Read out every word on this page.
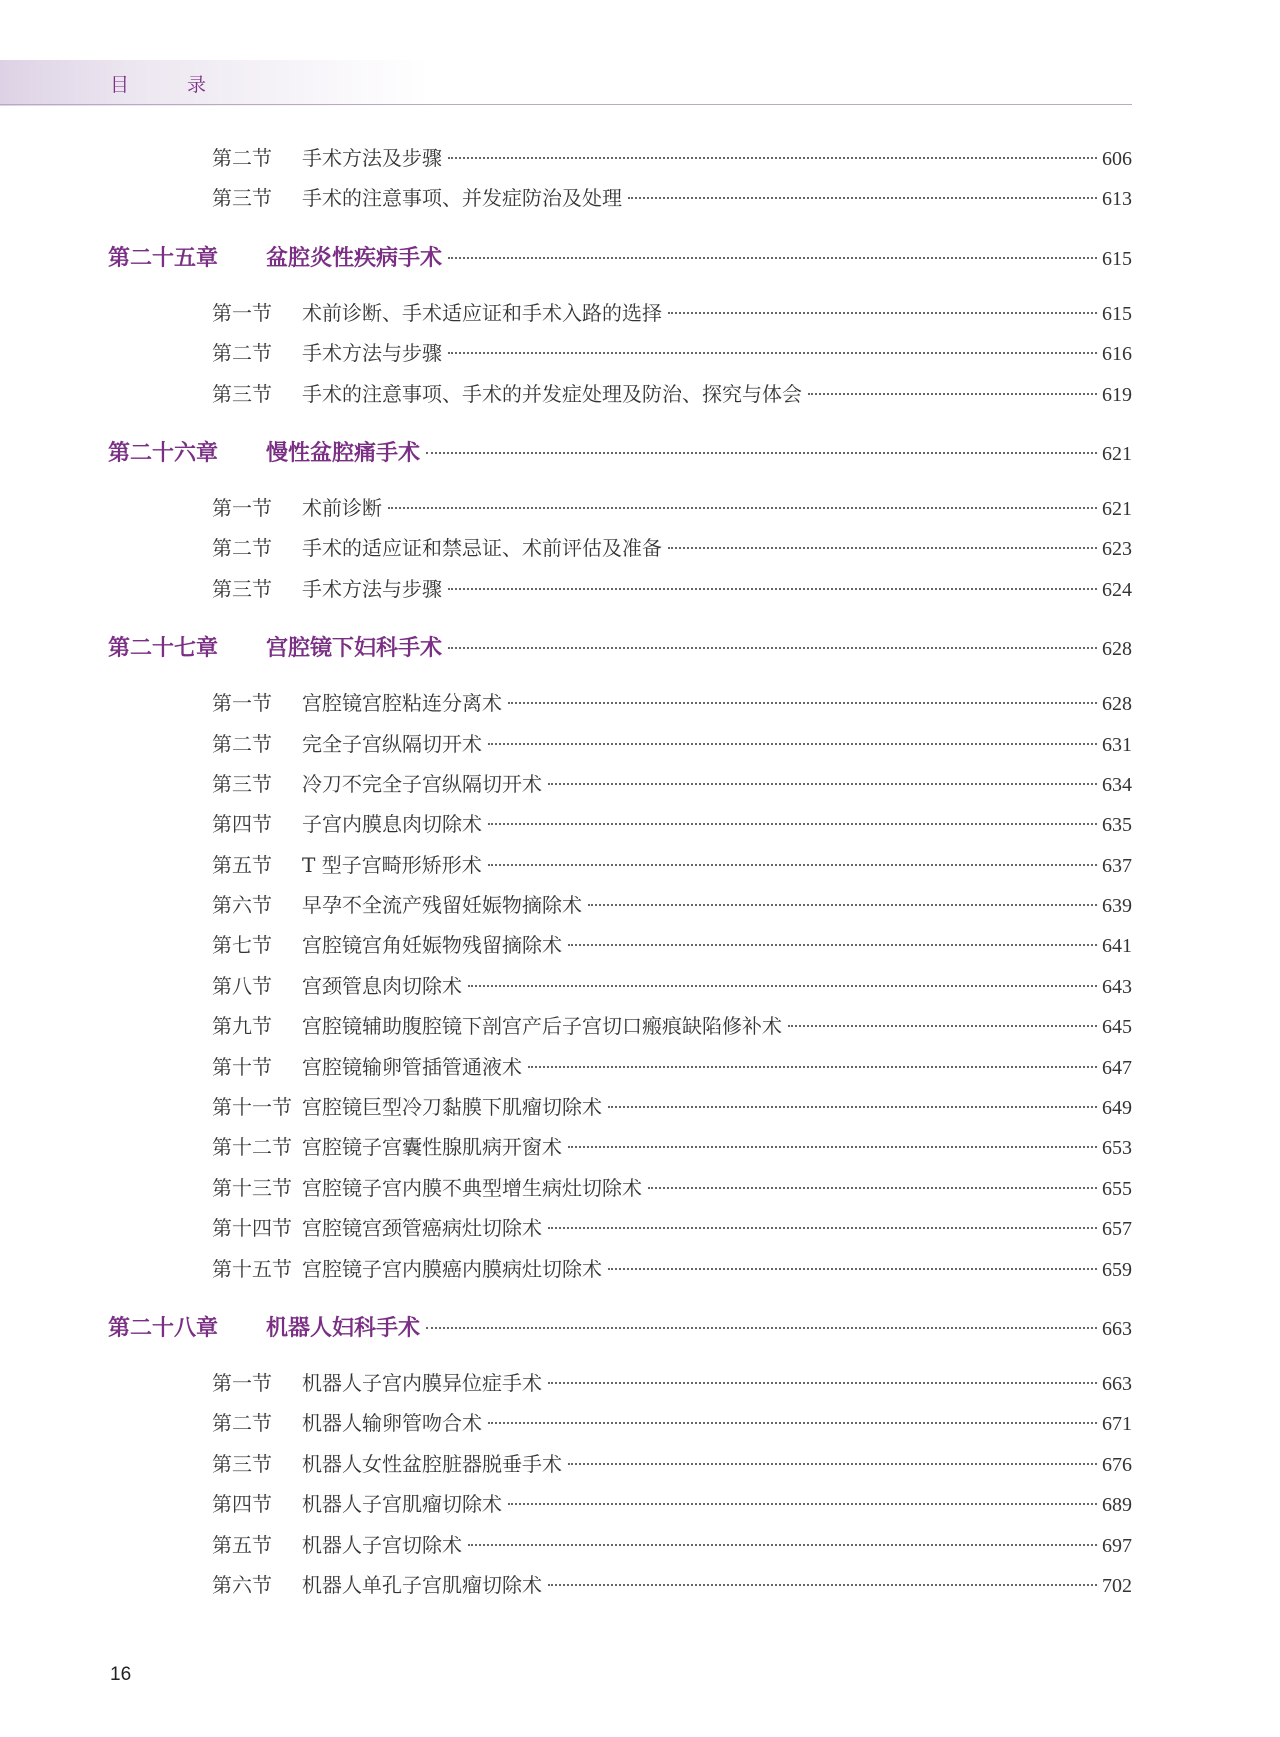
目 录
第二节	手术方法及步骤	606
第三节	手术的注意事项、并发症防治及处理	613
第二十五章	盆腔炎性疾病手术	615
第一节	术前诊断、手术适应证和手术入路的选择	615
第二节	手术方法与步骤	616
第三节	手术的注意事项、手术的并发症处理及防治、探究与体会	619
第二十六章	慢性盆腔痛手术	621
第一节	术前诊断	621
第二节	手术的适应证和禁忌证、术前评估及准备	623
第三节	手术方法与步骤	624
第二十七章	宫腔镜下妇科手术	628
第一节	宫腔镜宫腔粘连分离术	628
第二节	完全子宫纵隔切开术	631
第三节	冷刀不完全子宫纵隔切开术	634
第四节	子宫内膜息肉切除术	635
第五节	T 型子宫畸形矫形术	637
第六节	早孕不全流产残留妊娠物摘除术	639
第七节	宫腔镜宫角妊娠物残留摘除术	641
第八节	宫颈管息肉切除术	643
第九节	宫腔镜辅助腹腔镜下剖宫产后子宫切口瘢痕缺陷修补术	645
第十节	宫腔镜输卵管插管通液术	647
第十一节 宫腔镜巨型冷刀黏膜下肌瘤切除术	649
第十二节 宫腔镜子宫囊性腺肌病开窗术	653
第十三节 宫腔镜子宫内膜不典型增生病灶切除术	655
第十四节 宫腔镜宫颈管癌病灶切除术	657
第十五节 宫腔镜子宫内膜癌内膜病灶切除术	659
第二十八章	机器人妇科手术	663
第一节	机器人子宫内膜异位症手术	663
第二节	机器人输卵管吻合术	671
第三节	机器人女性盆腔脏器脱垂手术	676
第四节	机器人子宫肌瘤切除术	689
第五节	机器人子宫切除术	697
第六节	机器人单孔子宫肌瘤切除术	702
16
